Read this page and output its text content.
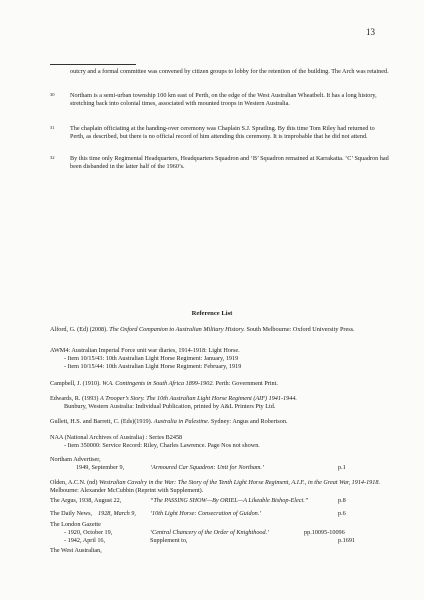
13
outcry and a formal committee was convened by citizen groups to lobby for the retention of the building. The Arch was retained.
30 Northam is a semi-urban township 100 km east of Perth, on the edge of the West Australian Wheatbelt. It has a long history, stretching back into colonial times, associated with mounted troops in Western Australia.
31 The chaplain officiating at the handing-over ceremony was Chaplain S.J. Spratling. By this time Tom Riley had returned to Perth, as described, but there is no official record of him attending this ceremony. It is improbable that he did not attend.
32 By this time only Regimental Headquarters, Headquarters Squadron and ‘B’ Squadron remained at Karrakatta. ‘C’ Squadron had been disbanded in the latter half of the 1960’s.
Reference List
Alford, G. (Ed) (2008). The Oxford Companion to Australian Military History. South Melbourne: Oxford University Press.
AWM4: Australian Imperial Force unit war diaries, 1914-1918: Light Horse.
- Item 10/15/43: 10th Australian Light Horse Regiment: January, 1919
- Item 10/15/44: 10th Australian Light Horse Regiment: February, 1919
Campbell, J. (1910). W.A. Contingents in South Africa 1899-1902. Perth: Government Print.
Edwards, R. (1993) A Trooper’s Story. The 10th Australian Light Horse Regiment (AIF) 1941-1944.
Bunbury, Western Australia: Individual Publication, printed by A&L Printers Pty Ltd.
Gullett, H.S. and Barrett, C. (Eds)(1919). Australia in Palestine. Sydney: Angus and Robertson.
NAA (National Archives of Australia) : Series B2458
- Item 350000: Service Record: Riley, Charles Lawrence. Page Nos not shown.
Northam Advertiser,
1949, September 9,	‘Armoured Car Squadron: Unit for Northam.’	p.1
Olden, A.C.N. (nd) Westralian Cavalry in the War: The Story of the Tenth Light Horse Regiment, A.I.F., in the Great War, 1914-1918. Melbourne: Alexander McCubbin (Reprint with Supplement).
The Argus, 1938, August 22,	“The PASSING SHOW—By ORIEL—A Likeable Bishop-Elect.”	p.8
The Daily News, 1928, March 9, ‘10th Light Horse: Consecration of Guidon.’	p.6
The London Gazette
- 1920, October 19,	‘Central Chancery of the Order of Knighthood.’	pp.10095-10096
- 1942, April 16,	Supplement to,	p.1691
The West Australian,
